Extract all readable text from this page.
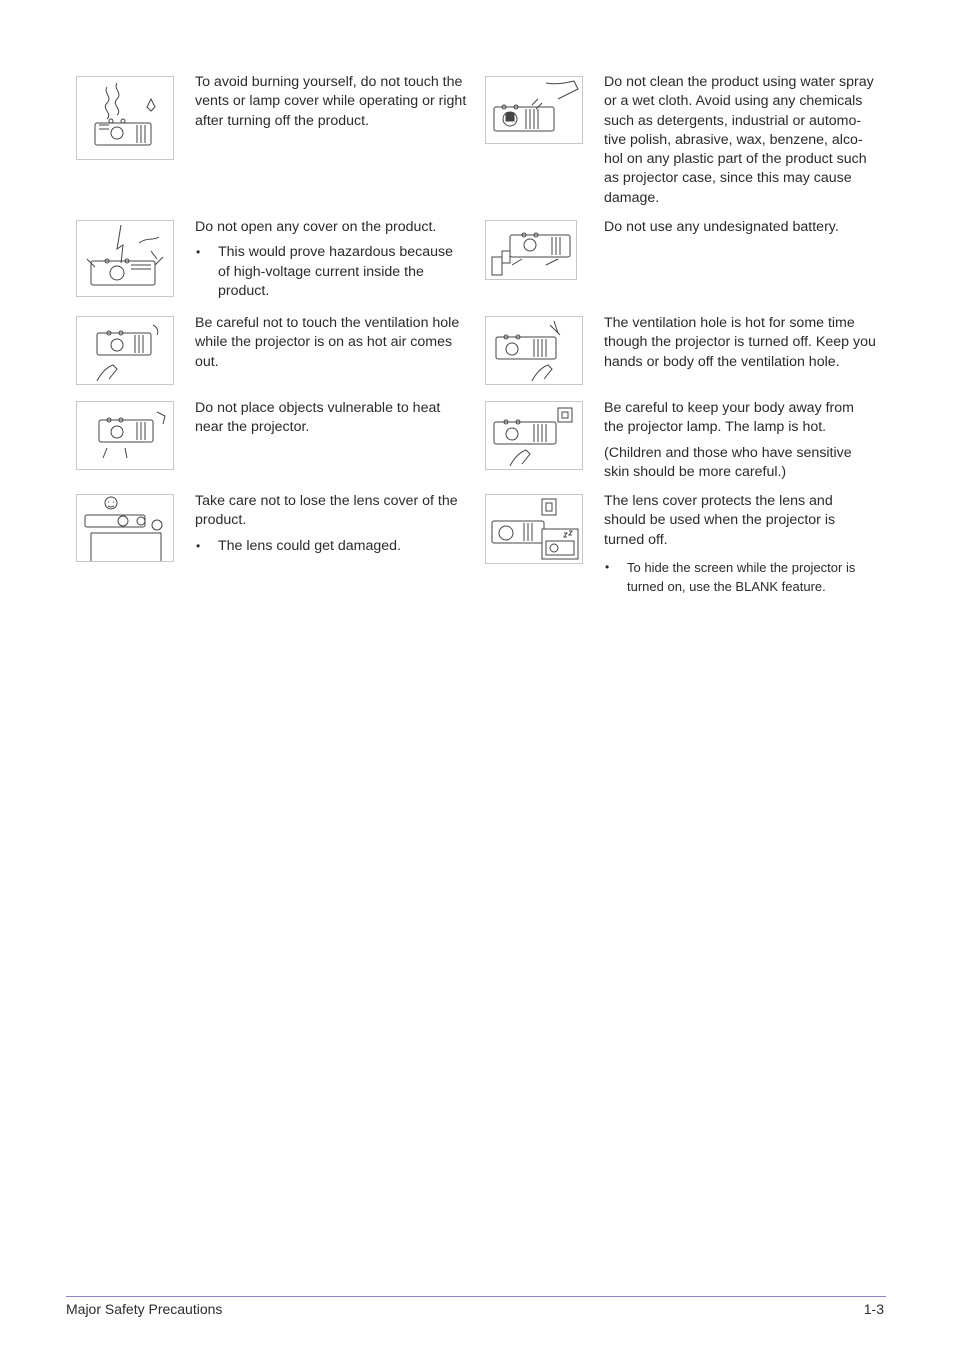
To avoid burning yourself, do not touch the vents or lamp cover while operating or right after turning off the product.

Do not open any cover on the product.

• This would prove hazardous because of high-voltage current inside the product.

Be careful not to touch the ventilation hole while the projector is on as hot air comes out.

Do not place objects vulnerable to heat near the projector.

Take care not to lose the lens cover of the product.

• The lens could get damaged.

Do not clean the product using water spray or a wet cloth. Avoid using any chemicals such as detergents, industrial or automo-tive polish, abrasive, wax, benzene, alco-hol on any plastic part of the product such as projector case, since this may cause damage.

Do not use any undesignated battery.

The ventilation hole is hot for some time though the projector is turned off. Keep you hands or body off the ventilation hole.

Be careful to keep your body away from the projector lamp. The lamp is hot.

(Children and those who have sensitive skin should be more careful.)

The lens cover protects the lens and should be used when the projector is turned off.

• To hide the screen while the projector is turned on, use the BLANK feature.
Major Safety Precautions	1-3
